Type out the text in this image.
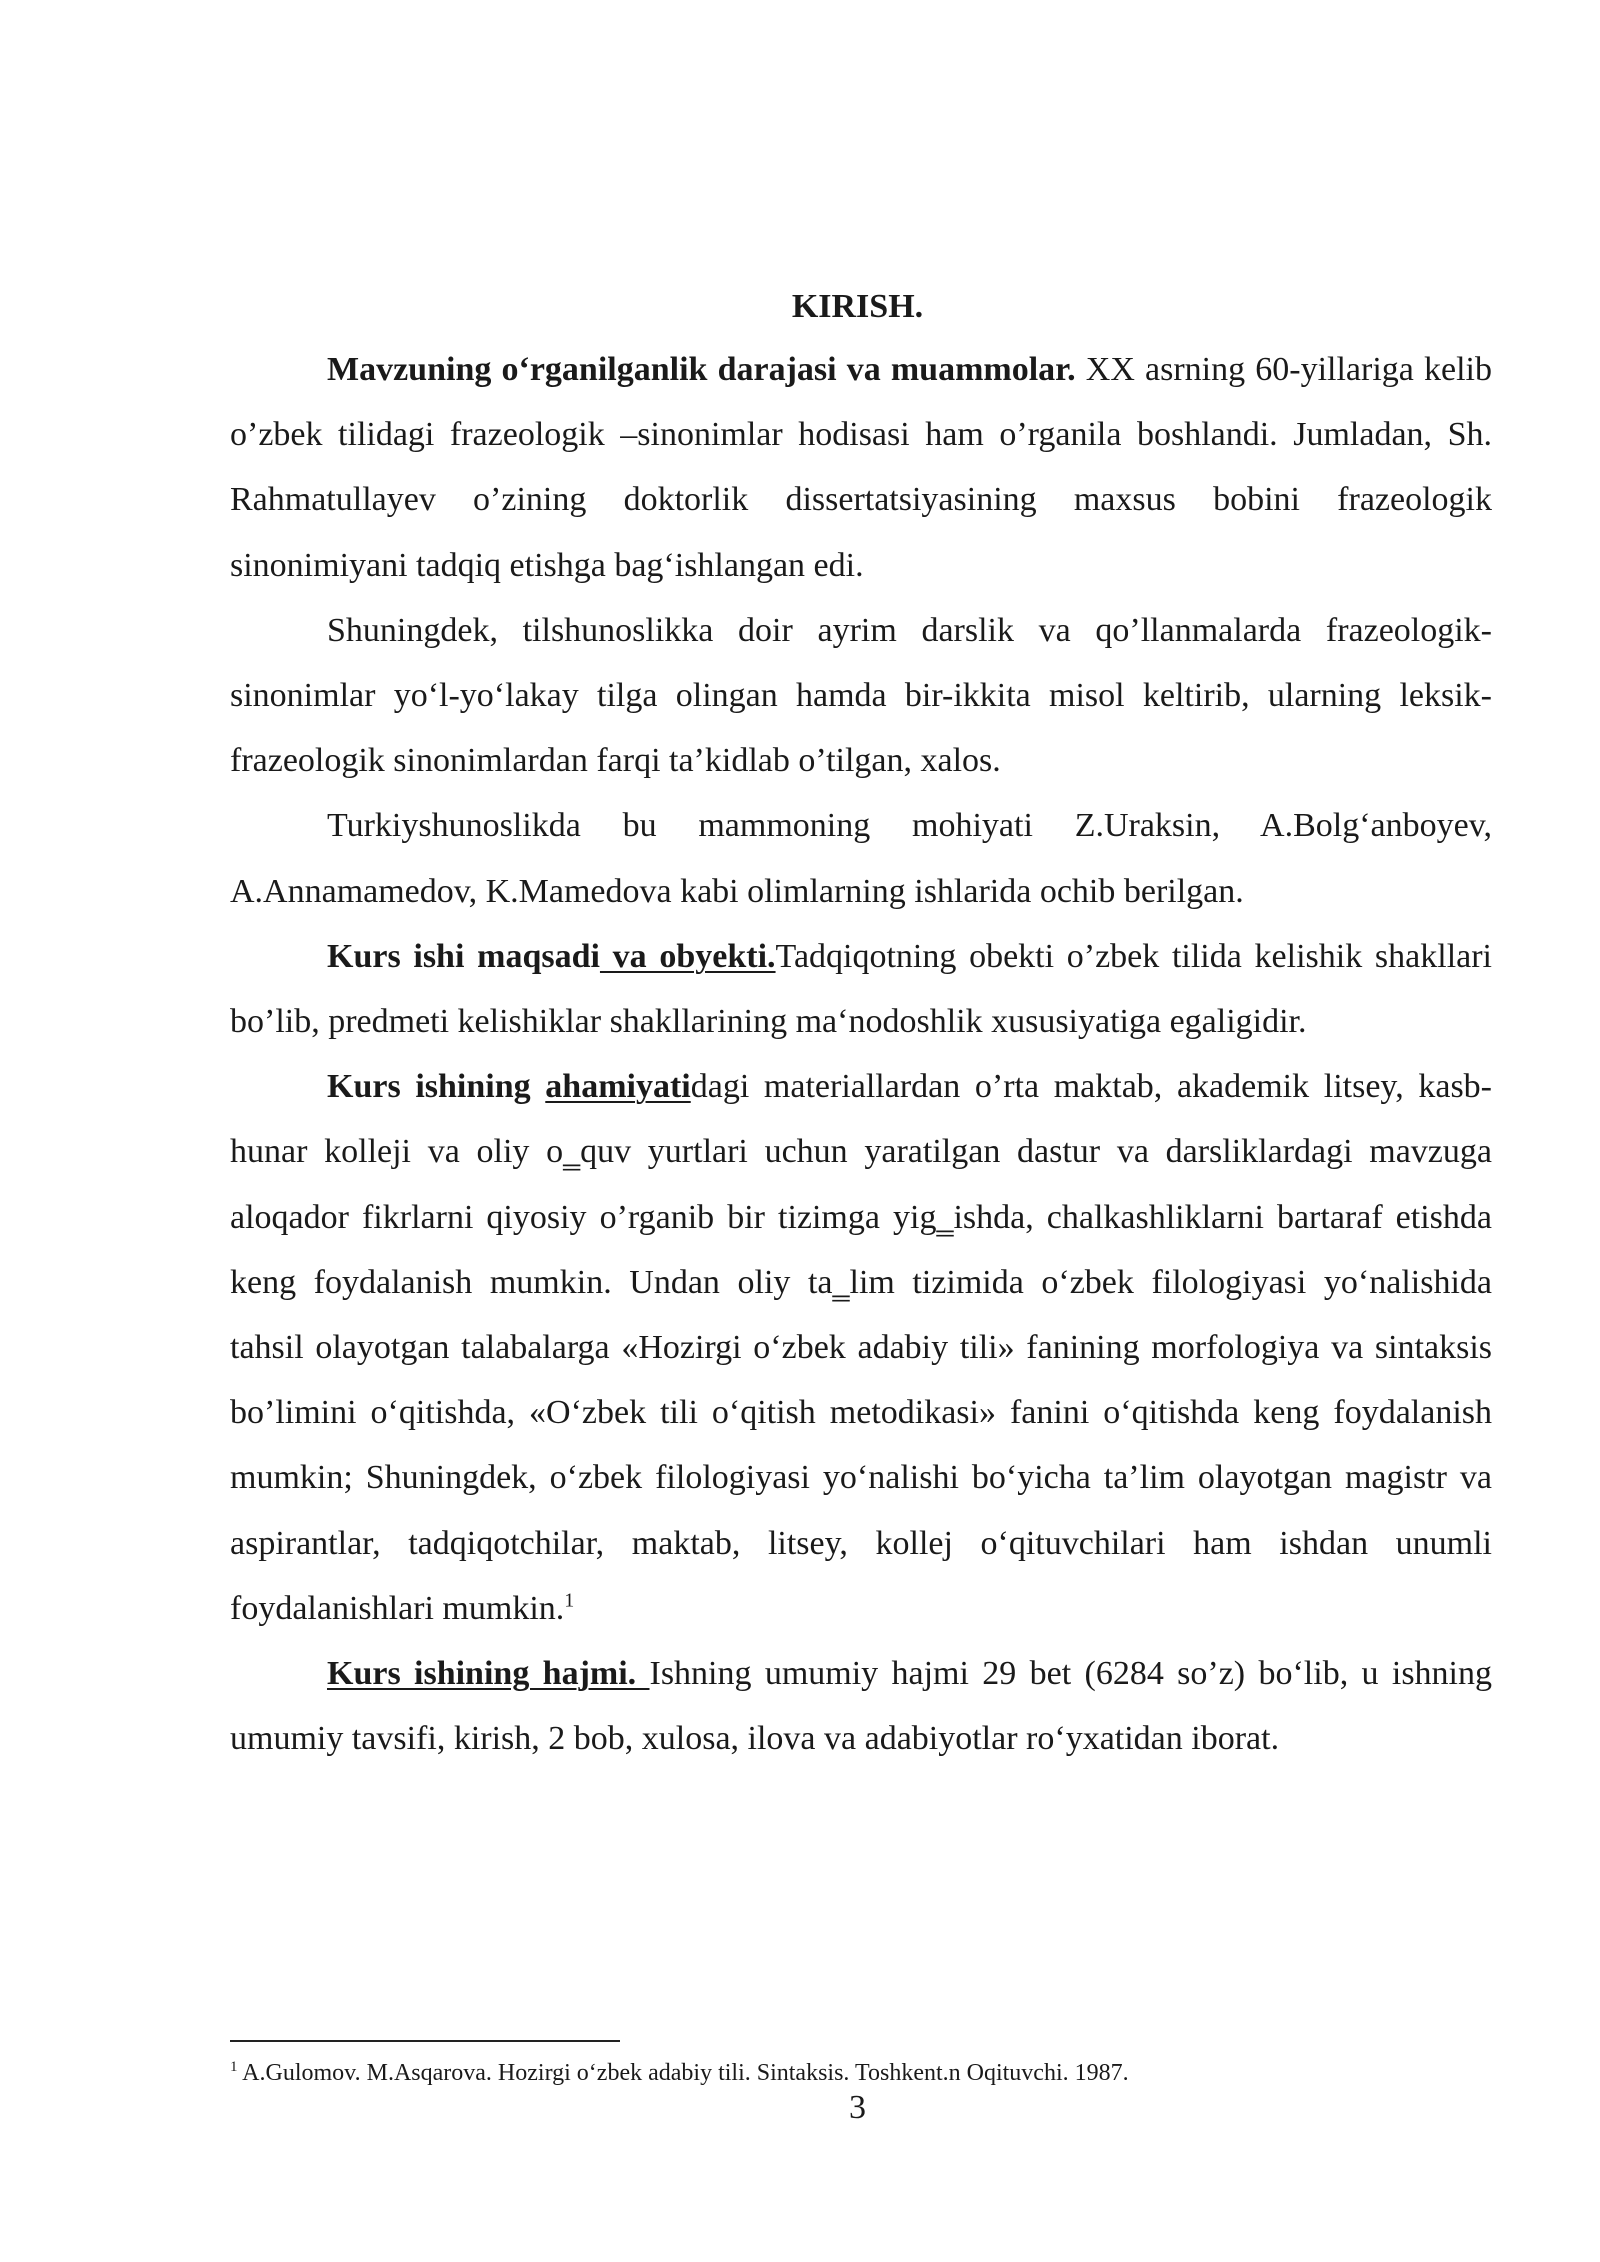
KIRISH.

Mavzuning o‘rganilganlik darajasi va muammolar. XX asrning 60-yillariga kelib o’zbek tilidagi frazeologik –sinonimlar hodisasi ham o’rganila boshlandi. Jumladan, Sh. Rahmatullayev o’zining doktorlik dissertatsiyasining maxsus bobini frazeologik sinonimiyani tadqiq etishga bag‘ishlangan edi.

Shuningdek, tilshunoslikka doir ayrim darslik va qo’llanmalarda frazeologik-sinonimlar yo‘l-yo‘lakay tilga olingan hamda bir-ikkita misol keltirib, ularning leksik-frazeologik sinonimlardan farqi ta’kidlab o’tilgan, xalos.

Turkiyshunoslikda bu mammoning mohiyati Z.Uraksin, A.Bolg‘anboyev, A.Annamamedov, K.Mamedova kabi olimlarning ishlarida ochib berilgan.

Kurs ishi maqsadi va obyekti.Tadqiqotning obekti o’zbek tilida kelishik shakllari bo’lib, predmeti kelishiklar shakllarining ma‘nodoshlik xususiyatiga egaligidir.

Kurs ishining ahamiyatidagi materiallardan o’rta maktab, akademik litsey, kasb-hunar kolleji va oliy o‗quv yurtlari uchun yaratilgan dastur va darsliklardagi mavzuga aloqador fikrlarni qiyosiy o’rganib bir tizimga yig‗ishda, chalkashliklarni bartaraf etishda keng foydalanish mumkin. Undan oliy ta‗lim tizimida o‘zbek filologiyasi yo‘nalishida tahsil olayotgan talabalarga «Hozirgi o‘zbek adabiy tili» fanining morfologiya va sintaksis bo’limini o‘qitishda, «O‘zbek tili o‘qitish metodikasi» fanini o‘qitishda keng foydalanish mumkin; Shuningdek, o‘zbek filologiyasi yo‘nalishi bo‘yicha ta’lim olayotgan magistr va aspirantlar, tadqiqotchilar, maktab, litsey, kollej o‘qituvchilari ham ishdan unumli foydalanishlari mumkin.$^1$

Kurs ishining hajmi. Ishning umumiy hajmi 29 bet (6284 so’z) bo‘lib, u ishning umumiy tavsifi, kirish, 2 bob, xulosa, ilova va adabiyotlar ro‘yxatidan iborat.

$^1$ A.Gulomov. M.Asqarova. Hozirgi o‘zbek adabiy tili. Sintaksis. Toshkent.n Oqituvchi. 1987.
3
